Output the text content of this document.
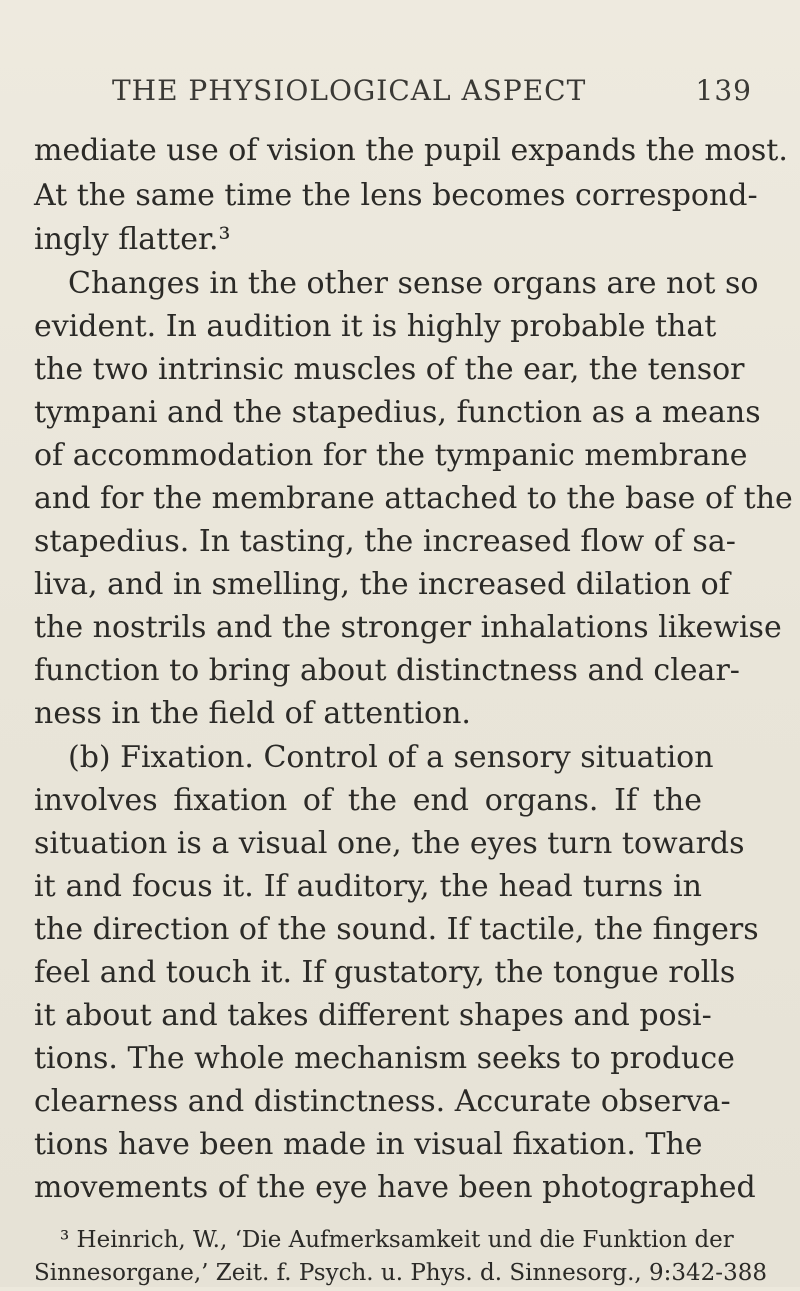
THE PHYSIOLOGICAL ASPECT	139
mediate use of vision the pupil expands the most.
At the same time the lens becomes correspond-
ingly flatter.³
Changes in the other sense organs are not so
evident. In audition it is highly probable that
the two intrinsic muscles of the ear, the tensor
tympani and the stapedius, function as a means
of accommodation for the tympanic membrane
and for the membrane attached to the base of the
stapedius. In tasting, the increased flow of sa-
liva, and in smelling, the increased dilation of
the nostrils and the stronger inhalations likewise
function to bring about distinctness and clear-
ness in the field of attention.
(b) Fixation. Control of a sensory situation
involves fixation of the end organs. If the
situation is a visual one, the eyes turn towards
it and focus it. If auditory, the head turns in
the direction of the sound. If tactile, the fingers
feel and touch it. If gustatory, the tongue rolls
it about and takes different shapes and posi-
tions. The whole mechanism seeks to produce
clearness and distinctness. Accurate observa-
tions have been made in visual fixation. The
movements of the eye have been photographed
³ Heinrich, W., ‘Die Aufmerksamkeit und die Funktion der
Sinnesorgane,’ Zeit. f. Psych. u. Phys. d. Sinnesorg., 9:342-388
